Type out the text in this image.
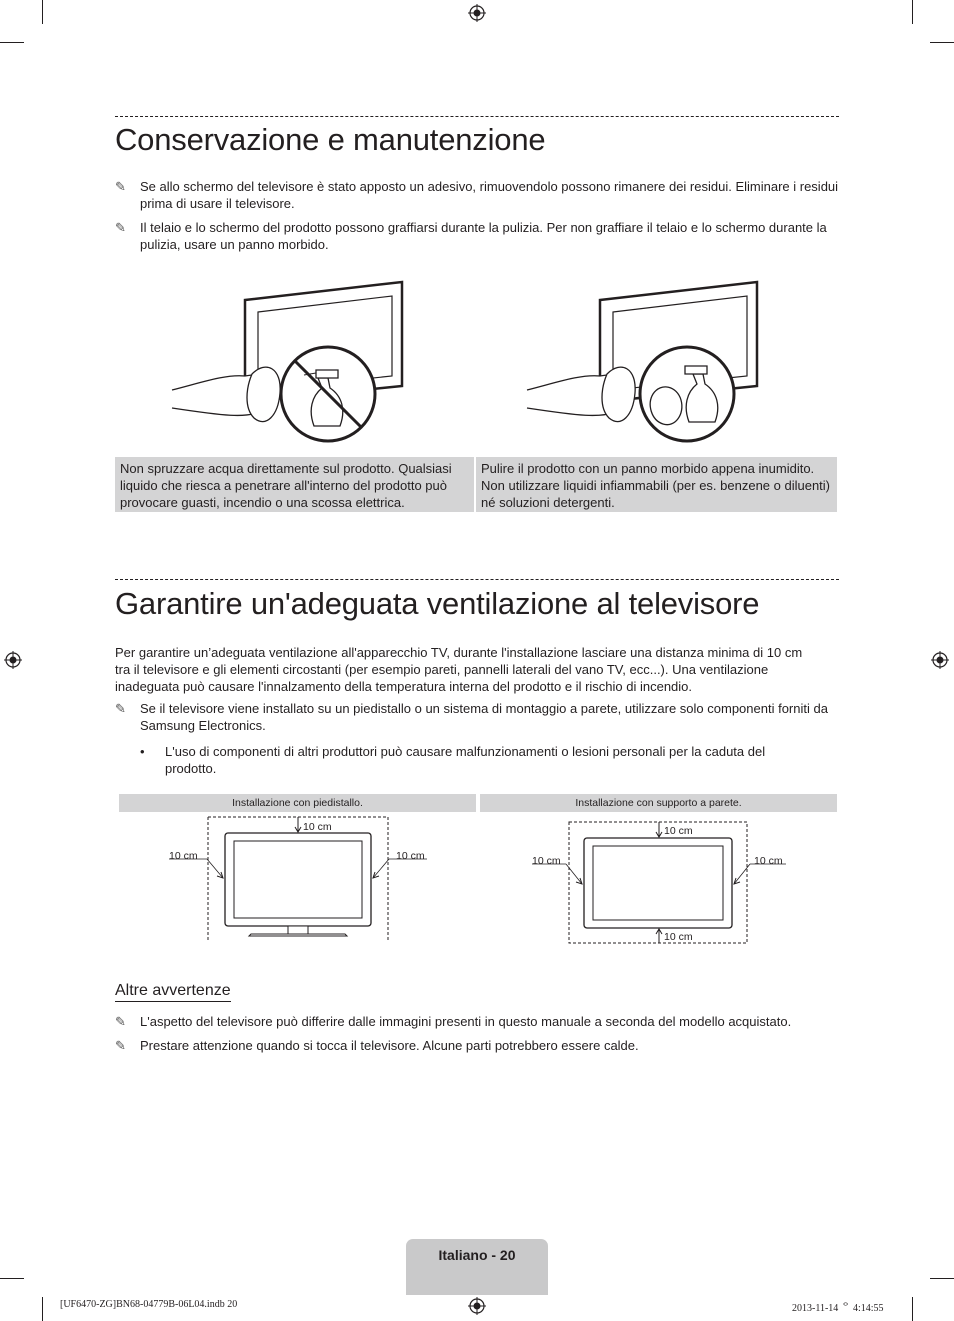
Conservazione e manutenzione
✎	Se allo schermo del televisore è stato apposto un adesivo, rimuovendolo possono rimanere dei residui. Eliminare i residui prima di usare il televisore.
✎	Il telaio e lo schermo del prodotto possono graffiarsi durante la pulizia. Per non graffiare il telaio e lo schermo durante la pulizia, usare un panno morbido.
Non spruzzare acqua direttamente sul prodotto. Qualsiasi liquido che riesca a penetrare all'interno del prodotto può provocare guasti, incendio o una scossa elettrica.
Pulire il prodotto con un panno morbido appena inumidito. Non utilizzare liquidi infiammabili (per es. benzene o diluenti) né soluzioni detergenti.
Garantire un'adeguata ventilazione al televisore
Per garantire un’adeguata ventilazione all'apparecchio TV, durante l'installazione lasciare una distanza minima di 10 cm tra il televisore e gli elementi circostanti (per esempio pareti, pannelli laterali del vano TV, ecc...). Una ventilazione inadeguata può causare l'innalzamento della temperatura interna del prodotto e il rischio di incendio.
✎	Se il televisore viene installato su un piedistallo o un sistema di montaggio a parete, utilizzare solo componenti forniti da Samsung Electronics.
• L'uso di componenti di altri produttori può causare malfunzionamenti o lesioni personali per la caduta del prodotto.
Installazione con piedistallo.	Installazione con supporto a parete.
10 cm
10 cm	10 cm
10 cm
10 cm
10 cm	10 cm
Altre avvertenze
✎	L'aspetto del televisore può differire dalle immagini presenti in questo manuale a seconda del modello acquistato.
✎	Prestare attenzione quando si tocca il televisore. Alcune parti potrebbero essere calde.
Italiano - 20
[UF6470-ZG]BN68-04779B-06L04.indb 20	2013-11-14 ᄋ 4:14:55
